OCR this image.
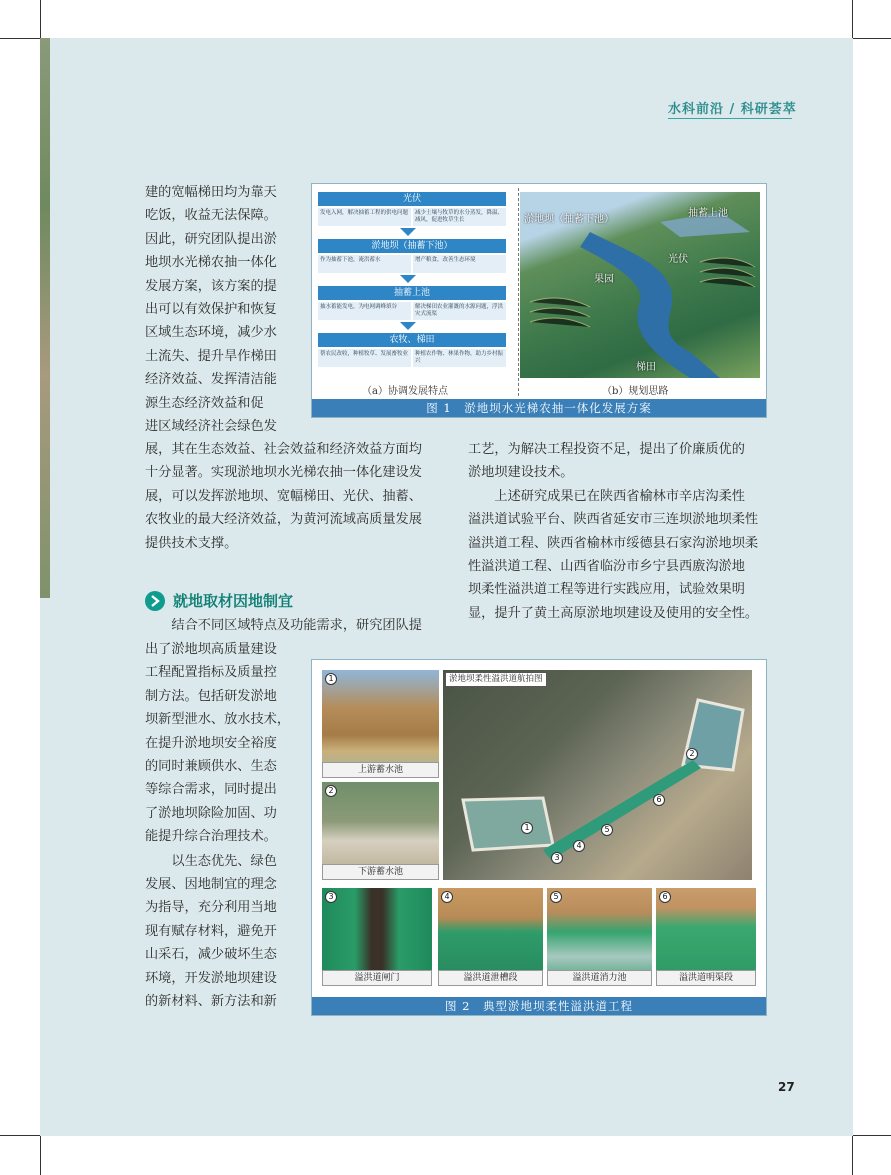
水科前沿 / 科研荟萃

建的宽幅梯田均为靠天
吃饭，收益无法保障。
因此，研究团队提出淤
地坝水光梯农抽一体化
发展方案，该方案的提
出可以有效保护和恢复
区域生态环境，减少水
土流失、提升旱作梯田
经济效益、发挥清洁能
源生态经济效益和促
进区域经济社会绿色发

展，其在生态效益、社会效益和经济效益方面均
十分显著。实现淤地坝水光梯农抽一体化建设发
展，可以发挥淤地坝、宽幅梯田、光伏、抽蓄、
农牧业的最大经济效益，为黄河流域高质量发展
提供技术支撑。

就地取材因地制宜

结合不同区域特点及功能需求，研究团队提

出了淤地坝高质量建设
工程配置指标及质量控
制方法。包括研发淤地
坝新型泄水、放水技术，
在提升淤地坝安全裕度
的同时兼顾供水、生态
等综合需求，同时提出
了淤地坝除险加固、功
能提升综合治理技术。

以生态优先、绿色
发展、因地制宜的理念
为指导，充分利用当地
现有赋存材料，避免开
山采石，减少破坏生态
环境，开发淤地坝建设
的新材料、新方法和新

工艺，为解决工程投资不足，提出了价廉质优的
淤地坝建设技术。

上述研究成果已在陕西省榆林市辛店沟柔性
溢洪道试验平台、陕西省延安市三连坝淤地坝柔性
溢洪道工程、陕西省榆林市绥德县石家沟淤地坝柔
性溢洪道工程、山西省临汾市乡宁县西廒沟淤地
坝柔性溢洪道工程等进行实践应用，试验效果明
显，提升了黄土高原淤地坝建设及使用的安全性。

光伏
发电入网，解决抽蓄工程的供电问题	减少土壤与牧草的水分蒸发，降温、减风，促进牧草生长
淤地坝（抽蓄下池）
作为抽蓄下池，淹洪蓄水	增产粮食，改善生态环境
抽蓄上池
抽水蓄能发电，为电网调峰填谷	解决梯田农业灌溉的水源问题，浮洪灾式流渠
农牧、梯田
帮农民改收，种植牧草、发展畜牧业	种植农作物、林果作物，助力乡村振兴
（a）协调发展特点
淤地坝（抽蓄下池）
抽蓄上池
光伏
果园
梯田
（b）规划思路
图 1　淤地坝水光梯农抽一体化发展方案
1
上游蓄水池
2
下游蓄水池
淤地坝柔性溢洪道航拍图
1
2
3
4
5
6
3
溢洪道闸门
4
溢洪道泄槽段
5
溢洪道消力池
6
溢洪道明渠段
图 2　典型淤地坝柔性溢洪道工程
27
